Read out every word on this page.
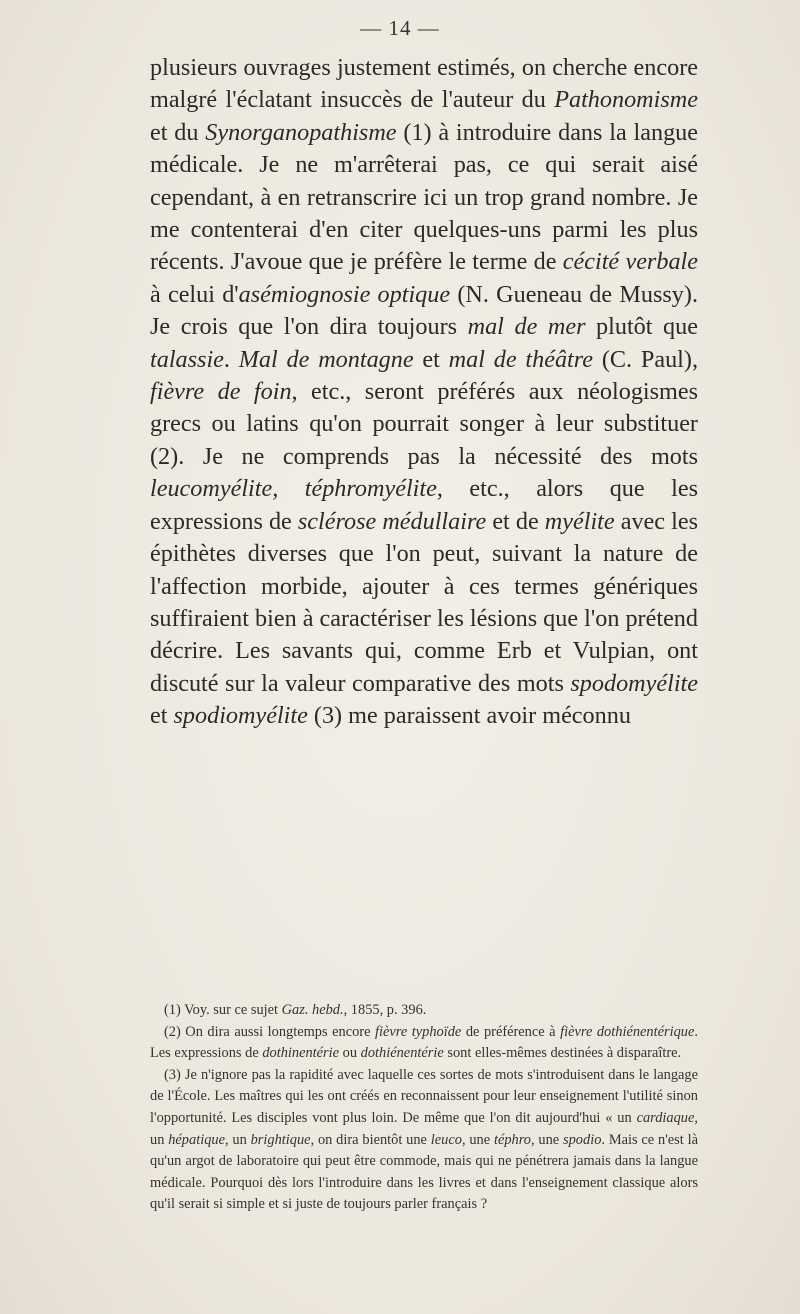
— 14 —

plusieurs ouvrages justement estimés, on cherche encore malgré l'éclatant insuccès de l'auteur du Pathonomisme et du Synorganopathisme (1) à introduire dans la langue médicale. Je ne m'arrêterai pas, ce qui serait aisé cependant, à en retranscrire ici un trop grand nombre. Je me contenterai d'en citer quelques-uns parmi les plus récents. J'avoue que je préfère le terme de cécité verbale à celui d'asémiognosie optique (N. Gueneau de Mussy). Je crois que l'on dira toujours mal de mer plutôt que talassie. Mal de montagne et mal de théâtre (C. Paul), fièvre de foin, etc., seront préférés aux néologismes grecs ou latins qu'on pourrait songer à leur substituer (2). Je ne comprends pas la nécessité des mots leucomyélite, téphromyélite, etc., alors que les expressions de sclérose médullaire et de myélite avec les épithètes diverses que l'on peut, suivant la nature de l'affection morbide, ajouter à ces termes génériques suffiraient bien à caractériser les lésions que l'on prétend décrire. Les savants qui, comme Erb et Vulpian, ont discuté sur la valeur comparative des mots spodomyélite et spodiomyélite (3) me paraissent avoir méconnu

(1) Voy. sur ce sujet Gaz. hebd., 1855, p. 396.

(2) On dira aussi longtemps encore fièvre typhoïde de préférence à fièvre dothiénentérique. Les expressions de dothinentérie ou dothiénentérie sont elles-mêmes destinées à disparaître.

(3) Je n'ignore pas la rapidité avec laquelle ces sortes de mots s'introduisent dans le langage de l'École. Les maîtres qui les ont créés en reconnaissent pour leur enseignement l'utilité sinon l'opportunité. Les disciples vont plus loin. De même que l'on dit aujourd'hui « un cardiaque, un hépatique, un brightique, on dira bientôt une leuco, une téphro, une spodio. Mais ce n'est là qu'un argot de laboratoire qui peut être commode, mais qui ne pénétrera jamais dans la langue médicale. Pourquoi dès lors l'introduire dans les livres et dans l'enseignement classique alors qu'il serait si simple et si juste de toujours parler français ?
